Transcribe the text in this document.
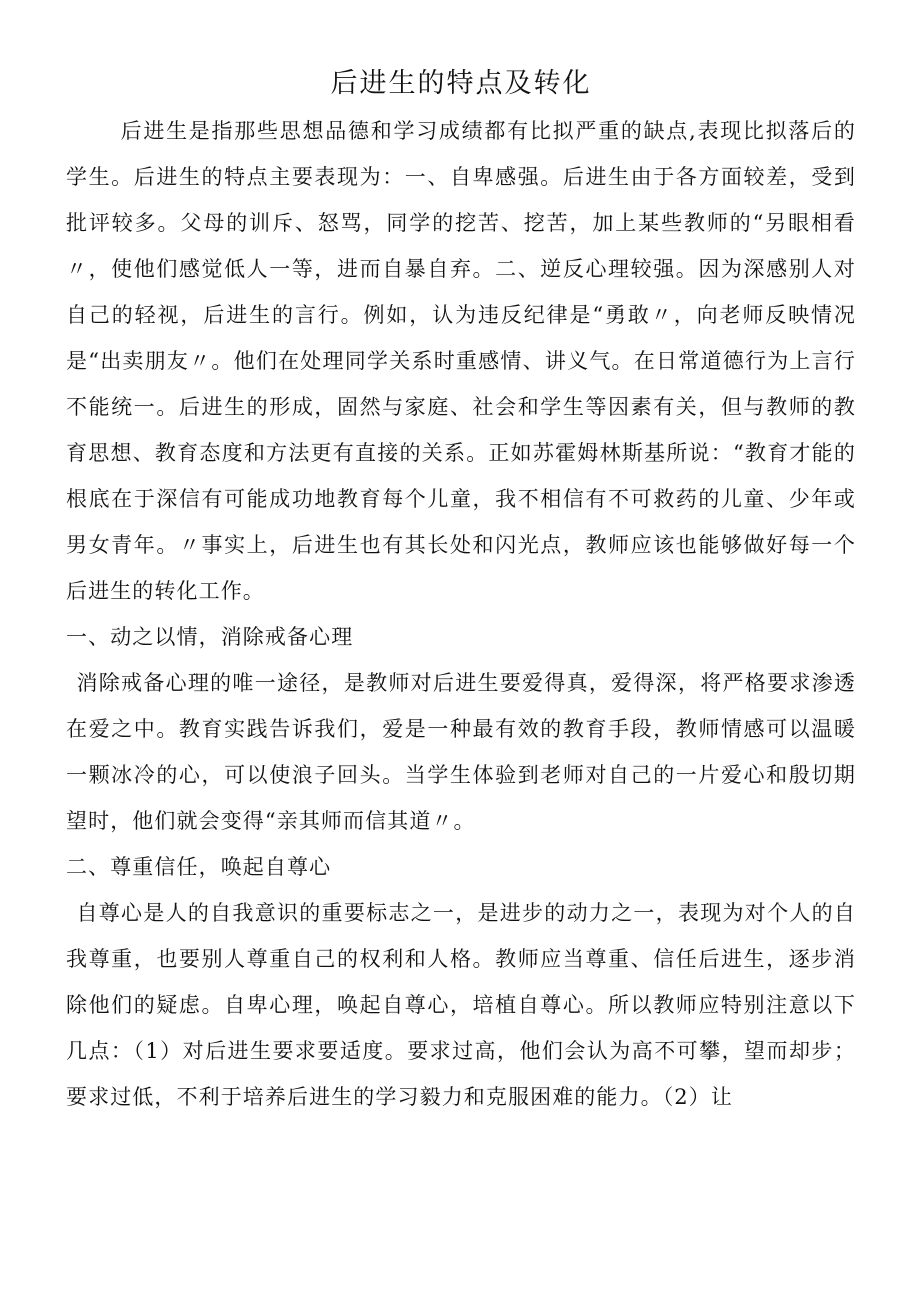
后进生的特点及转化

后进生是指那些思想品德和学习成绩都有比拟严重的缺点,表现比拟落后的学生。后进生的特点主要表现为：一、自卑感强。后进生由于各方面较差，受到批评较多。父母的训斥、怒骂，同学的挖苦、挖苦，加上某些教师的“另眼相看〃，使他们感觉低人一等，进而自暴自弃。二、逆反心理较强。因为深感别人对自己的轻视，后进生的言行。例如，认为违反纪律是“勇敢〃，向老师反映情况是“出卖朋友〃。他们在处理同学关系时重感情、讲义气。在日常道德行为上言行不能统一。后进生的形成，固然与家庭、社会和学生等因素有关，但与教师的教育思想、教育态度和方法更有直接的关系。正如苏霍姆林斯基所说：“教育才能的根底在于深信有可能成功地教育每个儿童，我不相信有不可救药的儿童、少年或男女青年。〃事实上，后进生也有其长处和闪光点，教师应该也能够做好每一个后进生的转化工作。

一、动之以情，消除戒备心理

消除戒备心理的唯一途径，是教师对后进生要爱得真，爱得深，将严格要求渗透在爱之中。教育实践告诉我们，爱是一种最有效的教育手段，教师情感可以温暖一颗冰冷的心，可以使浪子回头。当学生体验到老师对自己的一片爱心和殷切期望时，他们就会变得“亲其师而信其道〃。

二、尊重信任，唤起自尊心

自尊心是人的自我意识的重要标志之一，是进步的动力之一，表现为对个人的自我尊重，也要别人尊重自己的权利和人格。教师应当尊重、信任后进生，逐步消除他们的疑虑。自卑心理，唤起自尊心，培植自尊心。所以教师应特别注意以下几点：（1）对后进生要求要适度。要求过高，他们会认为高不可攀，望而却步；要求过低，不利于培养后进生的学习毅力和克服困难的能力。（2）让
